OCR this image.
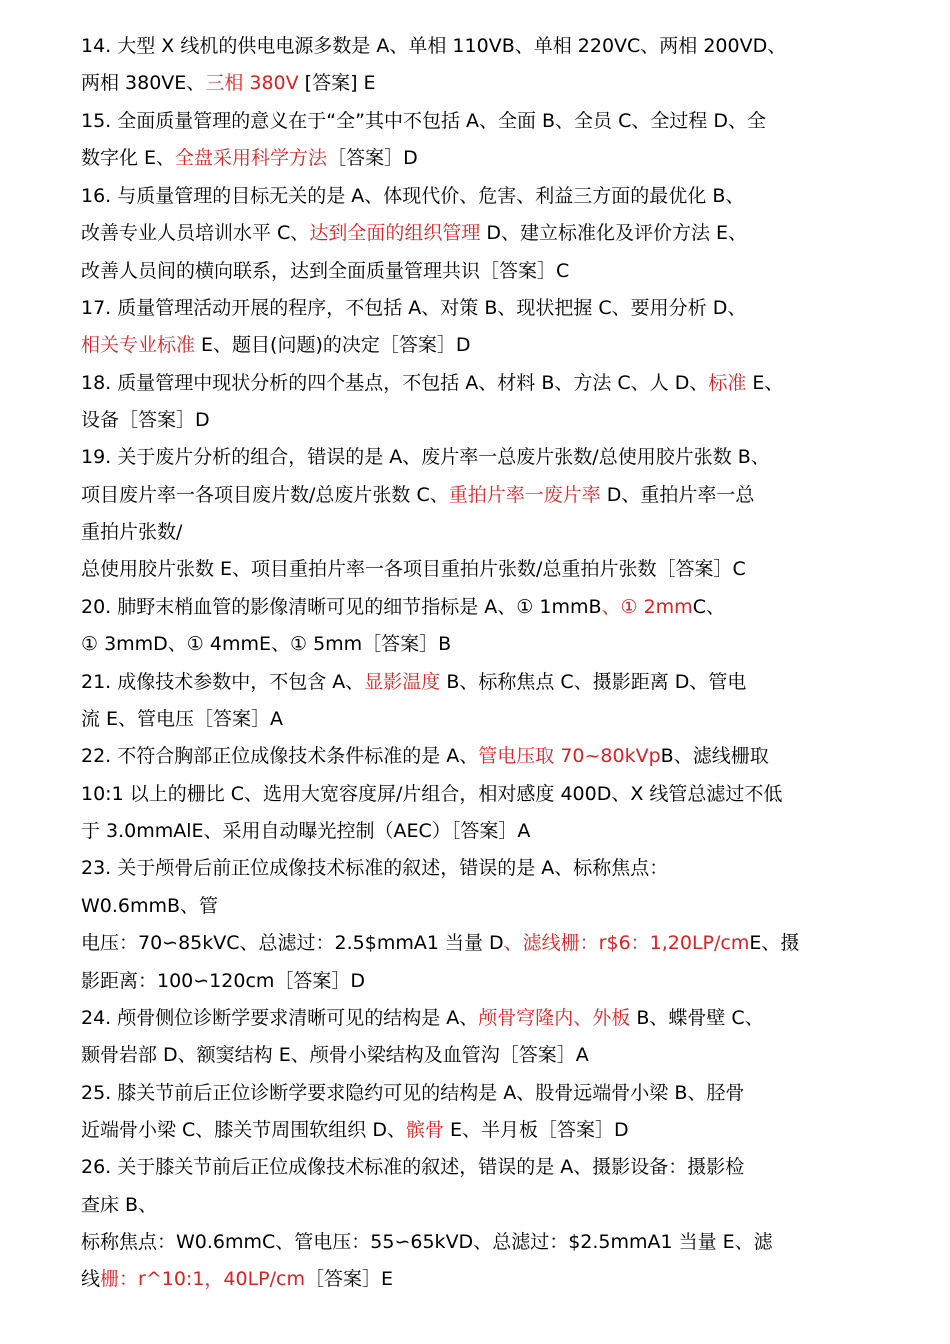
14. 大型 X 线机的供电电源多数是 A、单相 110VB、单相 220VC、两相 200VD、
两相 380VE、三相 380V [答案] E
15. 全面质量管理的意义在于“全”其中不包括 A、全面 B、全员 C、全过程 D、全
数字化 E、全盘采用科学方法［答案］D
16. 与质量管理的目标无关的是 A、体现代价、危害、利益三方面的最优化 B、
改善专业人员培训水平 C、达到全面的组织管理 D、建立标准化及评价方法 E、
改善人员间的横向联系，达到全面质量管理共识［答案］C
17. 质量管理活动开展的程序，不包括 A、对策 B、现状把握 C、要用分析 D、
相关专业标准 E、题目(问题)的决定［答案］D
18. 质量管理中现状分析的四个基点，不包括 A、材料 B、方法 C、人 D、标准 E、
设备［答案］D
19. 关于废片分析的组合，错误的是 A、废片率一总废片张数/总使用胶片张数 B、
项目废片率一各项目废片数/总废片张数 C、重拍片率一废片率 D、重拍片率一总
重拍片张数/
总使用胶片张数 E、项目重拍片率一各项目重拍片张数/总重拍片张数［答案］C
20. 肺野末梢血管的影像清晰可见的细节指标是 A、① 1mmB、① 2mmC、
① 3mmD、① 4mmE、① 5mm［答案］B
21. 成像技术参数中，不包含 A、显影温度 B、标称焦点 C、摄影距离 D、管电
流 E、管电压［答案］A
22. 不符合胸部正位成像技术条件标准的是 A、管电压取 70~80kVpB、滤线栅取
10:1 以上的栅比 C、选用大宽容度屏/片组合，相对感度 400D、X 线管总滤过不低
于 3.0mmAlE、采用自动曝光控制（AEC）［答案］A
23. 关于颅骨后前正位成像技术标准的叙述，错误的是 A、标称焦点：
W0.6mmB、管
电压：70∽85kVC、总滤过：2.5$mmA1 当量 D、滤线栅：r$6：1,20LP/cmE、摄
影距离：100∽120cm［答案］D
24. 颅骨侧位诊断学要求清晰可见的结构是 A、颅骨穹隆内、外板 B、蝶骨壁 C、
颞骨岩部 D、额窦结构 E、颅骨小梁结构及血管沟［答案］A
25. 膝关节前后正位诊断学要求隐约可见的结构是 A、股骨远端骨小梁 B、胫骨
近端骨小梁 C、膝关节周围软组织 D、髌骨 E、半月板［答案］D
26. 关于膝关节前后正位成像技术标准的叙述，错误的是 A、摄影设备：摄影检
查床 B、
标称焦点：W0.6mmC、管电压：55∽65kVD、总滤过：$2.5mmA1 当量 E、滤
线栅：r^10:1，40LP/cm［答案］E
